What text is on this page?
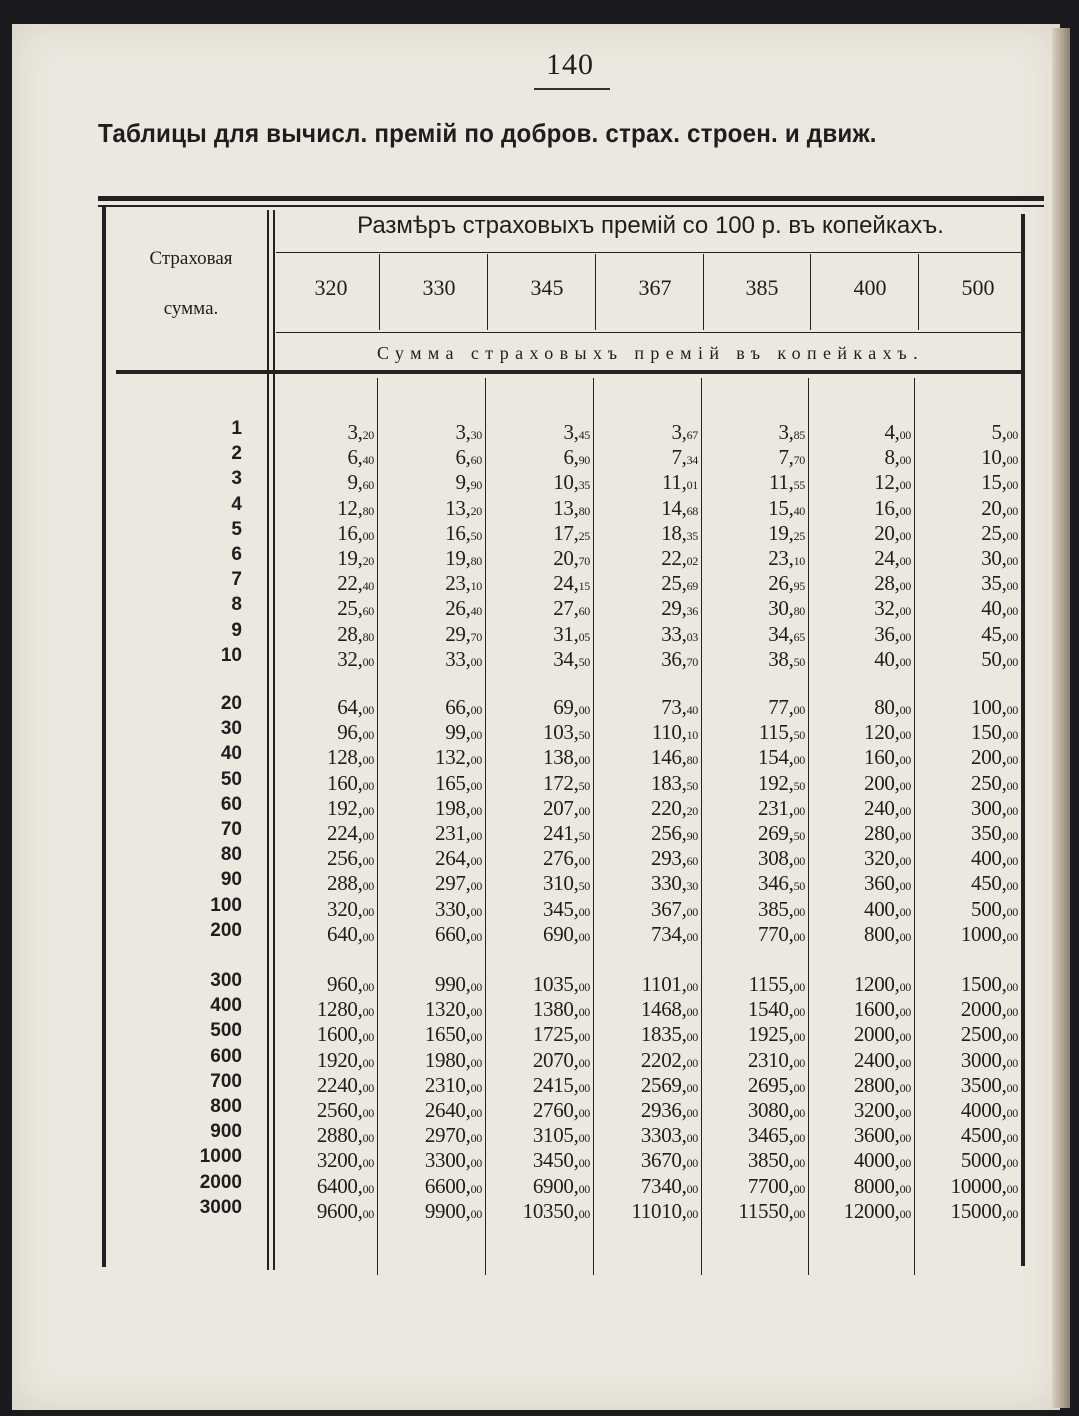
140
Таблицы для вычисл. премій по добров. страх. строен. и движ.
Страховая
сумма.
Размѣръ страховыхъ премій со 100 р. въ копейкахъ.
Сумма страховыхъ премій въ копейкахъ.
320	330	345	367	385	400	500
1	3,20	3,30	3,45	3,67	3,85	4,00	5,00
2	6,40	6,60	6,90	7,34	7,70	8,00	10,00
3	9,60	9,90	10,35	11,01	11,55	12,00	15,00
4	12,80	13,20	13,80	14,68	15,40	16,00	20,00
5	16,00	16,50	17,25	18,35	19,25	20,00	25,00
6	19,20	19,80	20,70	22,02	23,10	24,00	30,00
7	22,40	23,10	24,15	25,69	26,95	28,00	35,00
8	25,60	26,40	27,60	29,36	30,80	32,00	40,00
9	28,80	29,70	31,05	33,03	34,65	36,00	45,00
10	32,00	33,00	34,50	36,70	38,50	40,00	50,00
20	64,00	66,00	69,00	73,40	77,00	80,00	100,00
30	96,00	99,00	103,50	110,10	115,50	120,00	150,00
40	128,00	132,00	138,00	146,80	154,00	160,00	200,00
50	160,00	165,00	172,50	183,50	192,50	200,00	250,00
60	192,00	198,00	207,00	220,20	231,00	240,00	300,00
70	224,00	231,00	241,50	256,90	269,50	280,00	350,00
80	256,00	264,00	276,00	293,60	308,00	320,00	400,00
90	288,00	297,00	310,50	330,30	346,50	360,00	450,00
100	320,00	330,00	345,00	367,00	385,00	400,00	500,00
200	640,00	660,00	690,00	734,00	770,00	800,00	1000,00
300	960,00	990,00	1035,00	1101,00	1155,00	1200,00	1500,00
400	1280,00	1320,00	1380,00	1468,00	1540,00	1600,00	2000,00
500	1600,00	1650,00	1725,00	1835,00	1925,00	2000,00	2500,00
600	1920,00	1980,00	2070,00	2202,00	2310,00	2400,00	3000,00
700	2240,00	2310,00	2415,00	2569,00	2695,00	2800,00	3500,00
800	2560,00	2640,00	2760,00	2936,00	3080,00	3200,00	4000,00
900	2880,00	2970,00	3105,00	3303,00	3465,00	3600,00	4500,00
1000	3200,00	3300,00	3450,00	3670,00	3850,00	4000,00	5000,00
2000	6400,00	6600,00	6900,00	7340,00	7700,00	8000,00	10000,00
3000	9600,00	9900,00	10350,00	11010,00	11550,00	12000,00	15000,00
